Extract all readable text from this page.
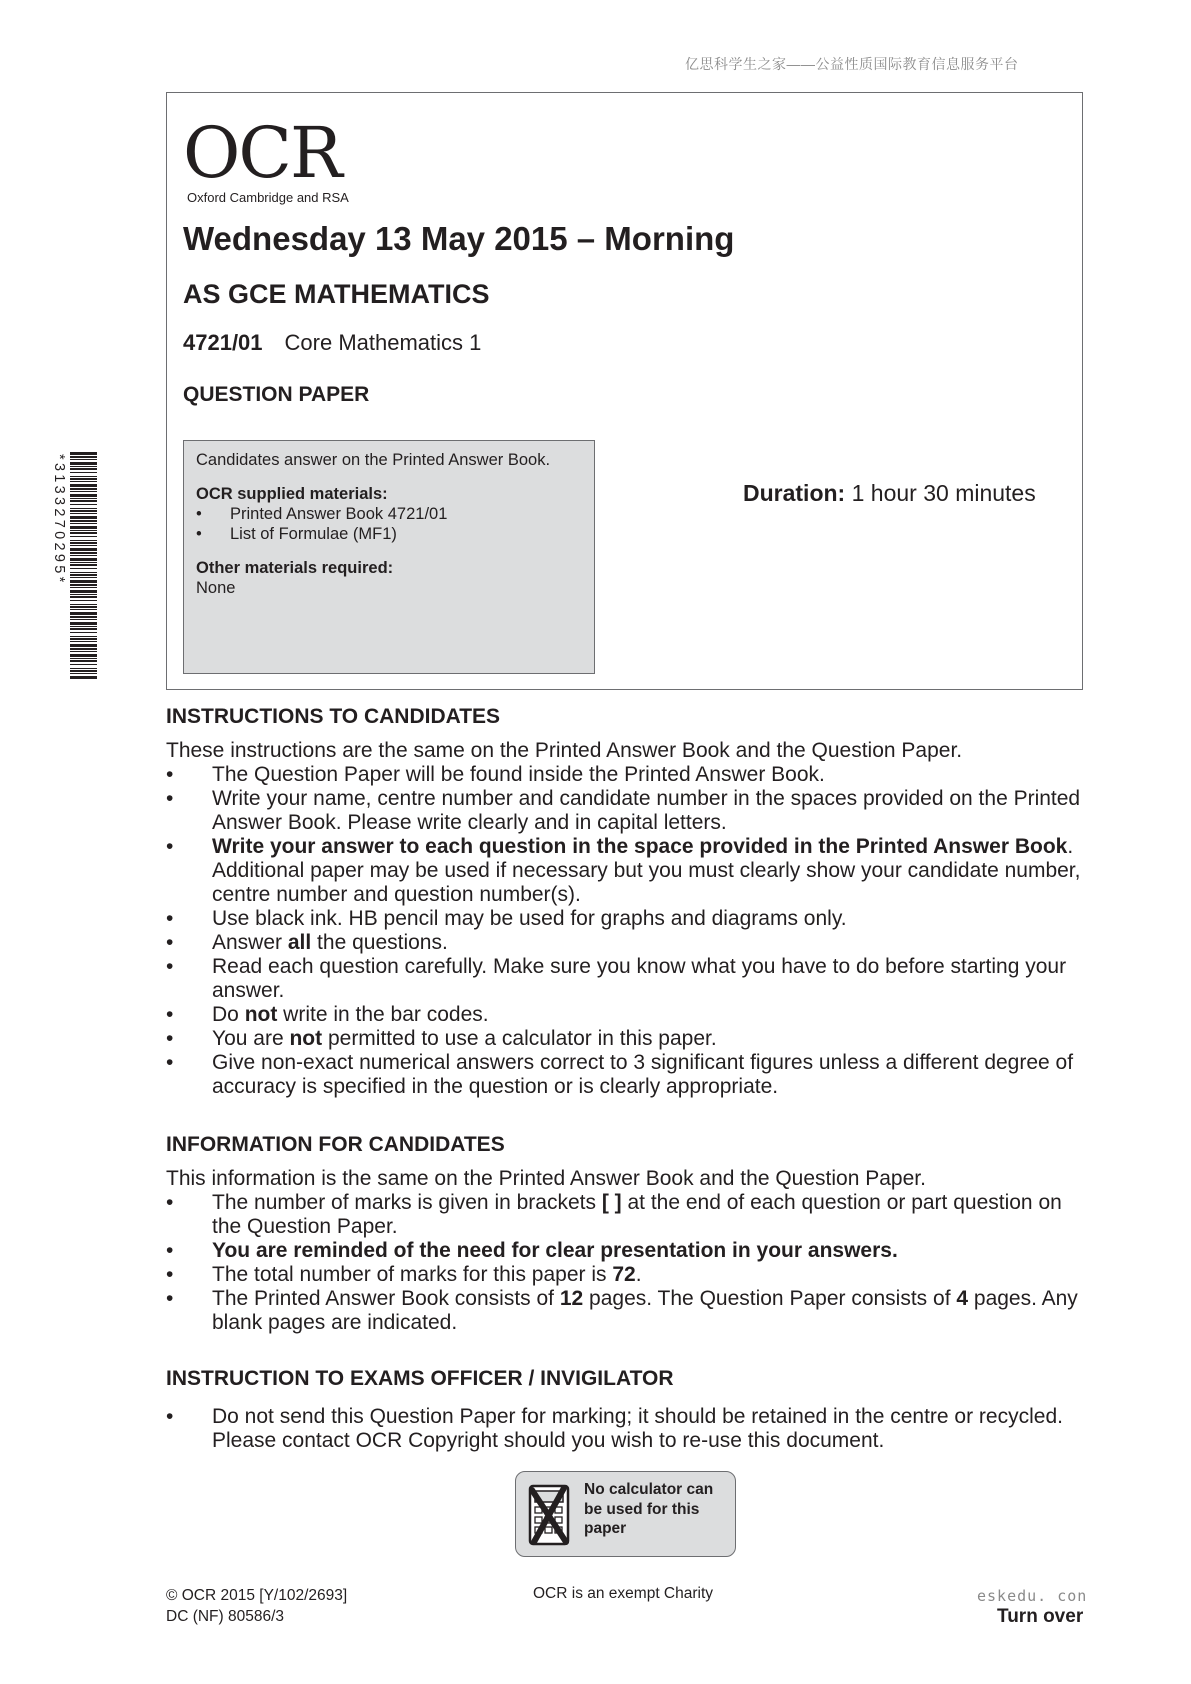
亿思科学生之家——公益性质国际教育信息服务平台
OCR
Oxford Cambridge and RSA
Wednesday 13 May 2015 – Morning
AS GCE MATHEMATICS
4721/01 Core Mathematics 1
QUESTION PAPER
Candidates answer on the Printed Answer Book.
OCR supplied materials:
• Printed Answer Book 4721/01
• List of Formulae (MF1)
Other materials required:
None
Duration: 1 hour 30 minutes
*3133270295*
INSTRUCTIONS TO CANDIDATES
These instructions are the same on the Printed Answer Book and the Question Paper.
• The Question Paper will be found inside the Printed Answer Book.
• Write your name, centre number and candidate number in the spaces provided on the Printed Answer Book. Please write clearly and in capital letters.
• Write your answer to each question in the space provided in the Printed Answer Book. Additional paper may be used if necessary but you must clearly show your candidate number, centre number and question number(s).
• Use black ink. HB pencil may be used for graphs and diagrams only.
• Answer all the questions.
• Read each question carefully. Make sure you know what you have to do before starting your answer.
• Do not write in the bar codes.
• You are not permitted to use a calculator in this paper.
• Give non-exact numerical answers correct to 3 significant figures unless a different degree of accuracy is specified in the question or is clearly appropriate.
INFORMATION FOR CANDIDATES
This information is the same on the Printed Answer Book and the Question Paper.
• The number of marks is given in brackets [ ] at the end of each question or part question on the Question Paper.
• You are reminded of the need for clear presentation in your answers.
• The total number of marks for this paper is 72.
• The Printed Answer Book consists of 12 pages. The Question Paper consists of 4 pages. Any blank pages are indicated.
INSTRUCTION TO EXAMS OFFICER / INVIGILATOR
• Do not send this Question Paper for marking; it should be retained in the centre or recycled. Please contact OCR Copyright should you wish to re-use this document.
No calculator can
be used for this
paper
© OCR 2015 [Y/102/2693]
DC (NF) 80586/3
OCR is an exempt Charity	eskedu. con
Turn over
